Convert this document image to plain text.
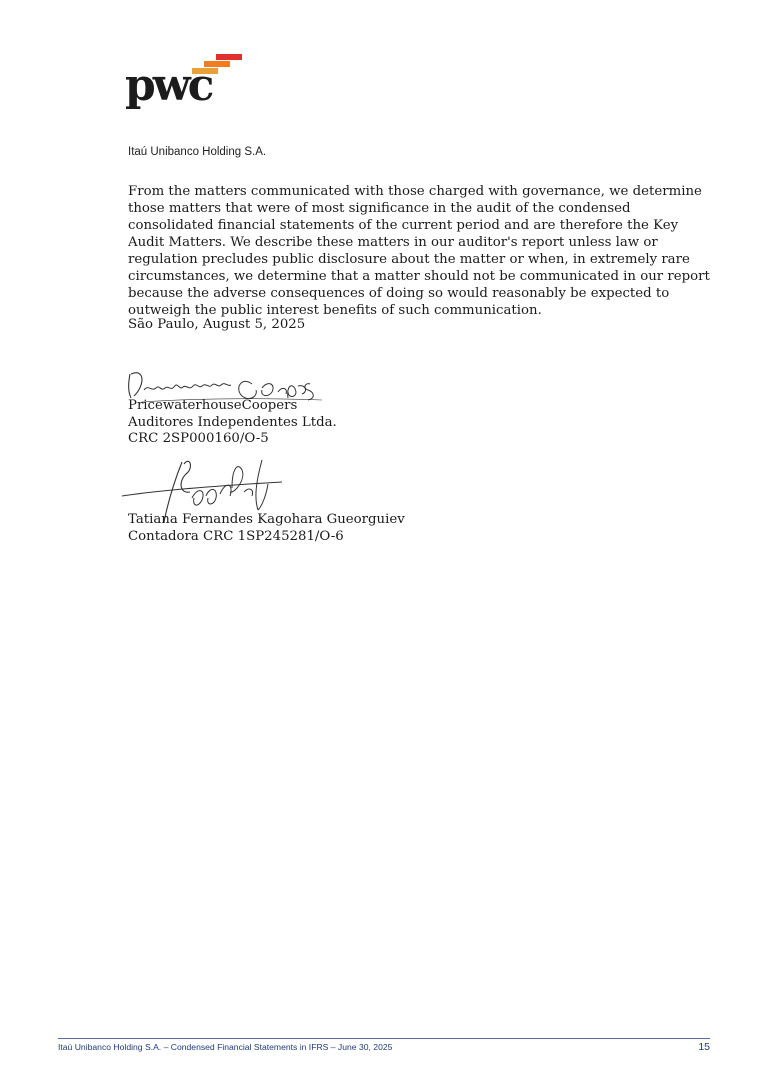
pwc
Itaú Unibanco Holding S.A.

From the matters communicated with those charged with governance, we determine those matters that were of most significance in the audit of the condensed consolidated financial statements of the current period and are therefore the Key Audit Matters. We describe these matters in our auditor's report unless law or regulation precludes public disclosure about the matter or when, in extremely rare circumstances, we determine that a matter should not be communicated in our report because the adverse consequences of doing so would reasonably be expected to outweigh the public interest benefits of such communication.

São Paulo, August 5, 2025
PricewaterhouseCoopers
Auditores Independentes Ltda.
CRC 2SP000160/O-5
Tatiana Fernandes Kagohara Gueorguiev
Contadora CRC 1SP245281/O-6
Itaú Unibanco Holding S.A. – Condensed Financial Statements in IFRS – June 30, 2025	15
